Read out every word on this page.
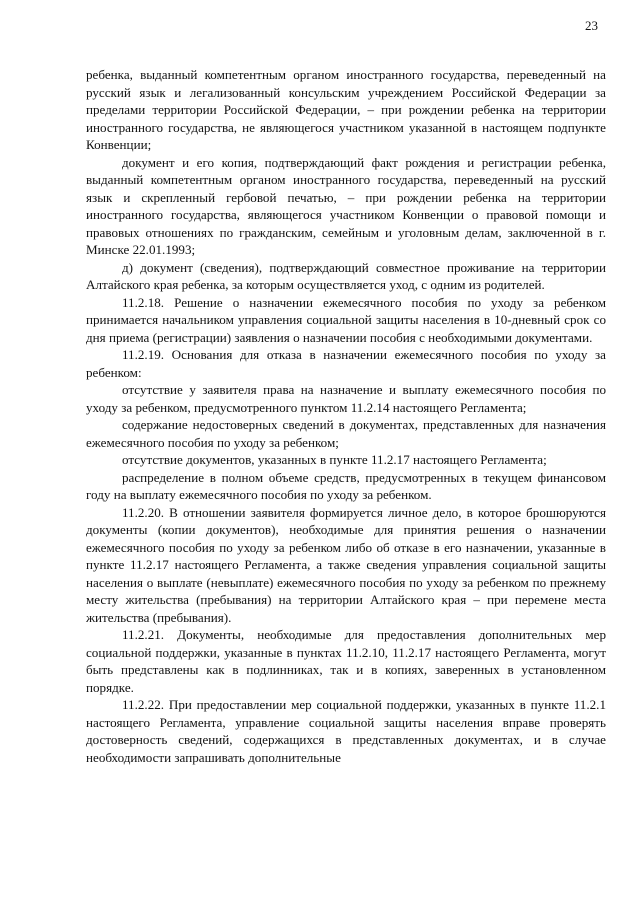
23

ребенка, выданный компетентным органом иностранного государства, переведенный на русский язык и легализованный консульским учреждением Российской Федерации за пределами территории Российской Федерации, – при рождении ребенка на территории иностранного государства, не являющегося участником указанной в настоящем подпункте Конвенции;

документ и его копия, подтверждающий факт рождения и регистрации ребенка, выданный компетентным органом иностранного государства, переведенный на русский язык и скрепленный гербовой печатью, – при рождении ребенка на территории иностранного государства, являющегося участником Конвенции о правовой помощи и правовых отношениях по гражданским, семейным и уголовным делам, заключенной в г. Минске 22.01.1993;

д) документ (сведения), подтверждающий совместное проживание на территории Алтайского края ребенка, за которым осуществляется уход, с одним из родителей.

11.2.18. Решение о назначении ежемесячного пособия по уходу за ребенком принимается начальником управления социальной защиты населения в 10-дневный срок со дня приема (регистрации) заявления о назначении пособия с необходимыми документами.

11.2.19. Основания для отказа в назначении ежемесячного пособия по уходу за ребенком:

отсутствие у заявителя права на назначение и выплату ежемесячного пособия по уходу за ребенком, предусмотренного пунктом 11.2.14 настоящего Регламента;

содержание недостоверных сведений в документах, представленных для назначения ежемесячного пособия по уходу за ребенком;

отсутствие документов, указанных в пункте 11.2.17 настоящего Регламента;

распределение в полном объеме средств, предусмотренных в текущем финансовом году на выплату ежемесячного пособия по уходу за ребенком.

11.2.20. В отношении заявителя формируется личное дело, в которое брошюруются документы (копии документов), необходимые для принятия решения о назначении ежемесячного пособия по уходу за ребенком либо об отказе в его назначении, указанные в пункте 11.2.17 настоящего Регламента, а также сведения управления социальной защиты населения о выплате (невыплате) ежемесячного пособия по уходу за ребенком по прежнему месту жительства (пребывания) на территории Алтайского края – при перемене места жительства (пребывания).

11.2.21. Документы, необходимые для предоставления дополнительных мер социальной поддержки, указанные в пунктах 11.2.10, 11.2.17 настоящего Регламента, могут быть представлены как в подлинниках, так и в копиях, заверенных в установленном порядке.

11.2.22. При предоставлении мер социальной поддержки, указанных в пункте 11.2.1 настоящего Регламента, управление социальной защиты населения вправе проверять достоверность сведений, содержащихся в представленных документах, и в случае необходимости запрашивать дополнительные
